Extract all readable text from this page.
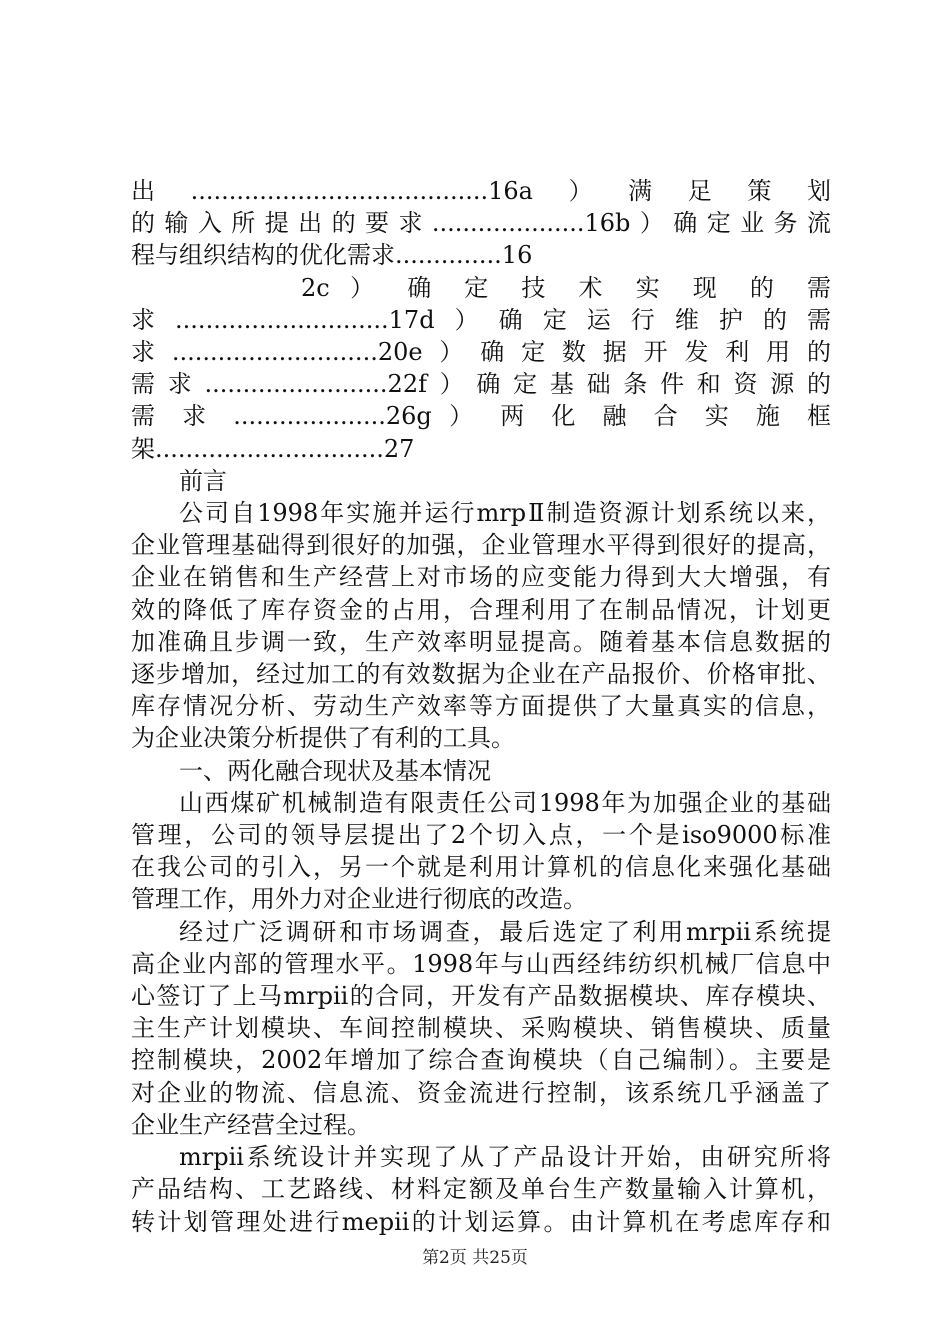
出.......................................16a）满足策划
的输入所提出的要求....................16b）确定业务流
程与组织结构的优化需求..............16
2c ） 确 定 技 术 实 现 的 需
求............................17d）确定运行维护的需
求...........................20e）确定数据开发利用的
需求........................22f）确定基础条件和资源的
需 求 ....................26g ） 两 化 融 合 实 施 框
架..............................27
前言
公司自1998年实施并运行mrpⅡ制造资源计划系统以来，
企业管理基础得到很好的加强，企业管理水平得到很好的提高，
企业在销售和生产经营上对市场的应变能力得到大大增强，有
效的降低了库存资金的占用，合理利用了在制品情况，计划更
加准确且步调一致，生产效率明显提高。随着基本信息数据的
逐步增加，经过加工的有效数据为企业在产品报价、价格审批、
库存情况分析、劳动生产效率等方面提供了大量真实的信息，
为企业决策分析提供了有利的工具。
一、两化融合现状及基本情况
山西煤矿机械制造有限责任公司1998年为加强企业的基础
管理，公司的领导层提出了2个切入点，一个是iso9000标准
在我公司的引入，另一个就是利用计算机的信息化来强化基础
管理工作，用外力对企业进行彻底的改造。
经过广泛调研和市场调查，最后选定了利用mrpii系统提
高企业内部的管理水平。1998年与山西经纬纺织机械厂信息中
心签订了上马mrpii的合同，开发有产品数据模块、库存模块、
主生产计划模块、车间控制模块、采购模块、销售模块、质量
控制模块，2002年增加了综合查询模块（自己编制）。主要是
对企业的物流、信息流、资金流进行控制，该系统几乎涵盖了
企业生产经营全过程。
mrpii系统设计并实现了从了产品设计开始，由研究所将
产品结构、工艺路线、材料定额及单台生产数量输入计算机，
转计划管理处进行mepii的计划运算。由计算机在考虑库存和
第2页 共25页
